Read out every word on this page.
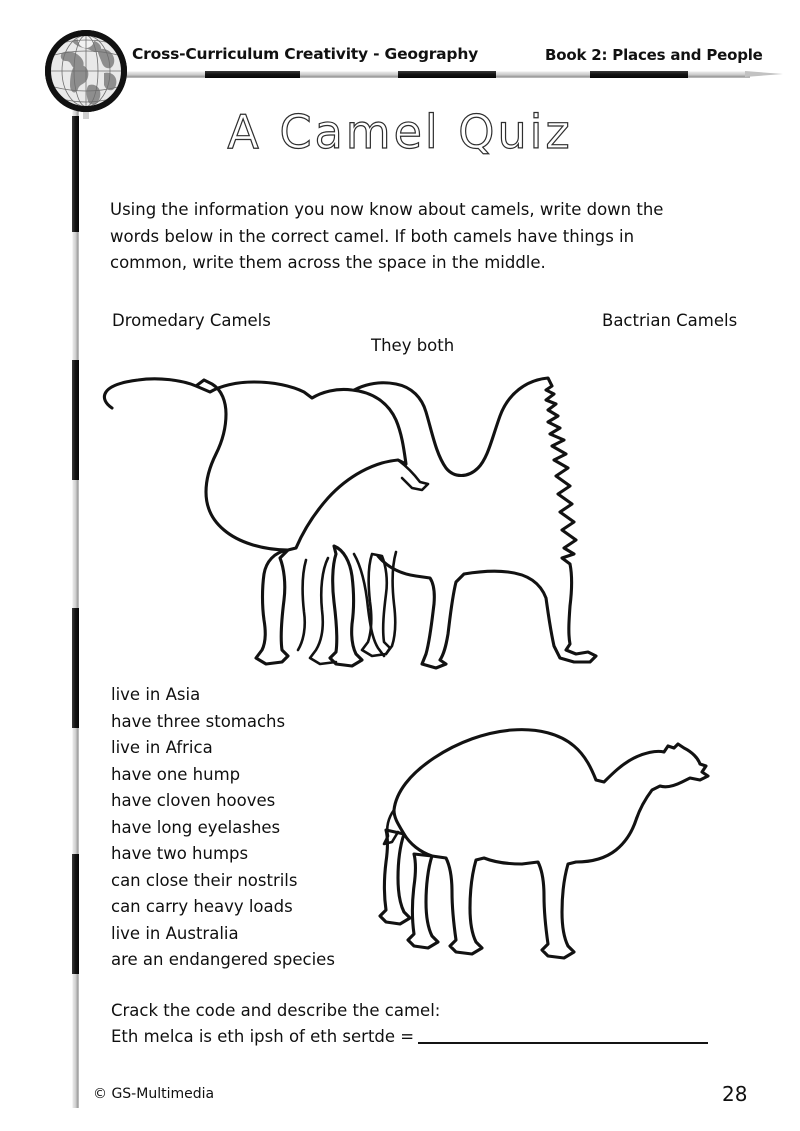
Cross-Curriculum Creativity - Geography	Book 2: Places and People
A Camel Quiz
Using the information you now know about camels, write down the words below in the correct camel. If both camels have things in common, write them across the space in the middle.
Dromedary Camels
They both
Bactrian Camels
live in Asia
have three stomachs
live in Africa
have one hump
have cloven hooves
have long eyelashes
have two humps
can close their nostrils
can carry heavy loads
live in Australia
are an endangered species
Crack the code and describe the camel:
Eth melca is eth ipsh of eth sertde =
© GS-Multimedia	28
